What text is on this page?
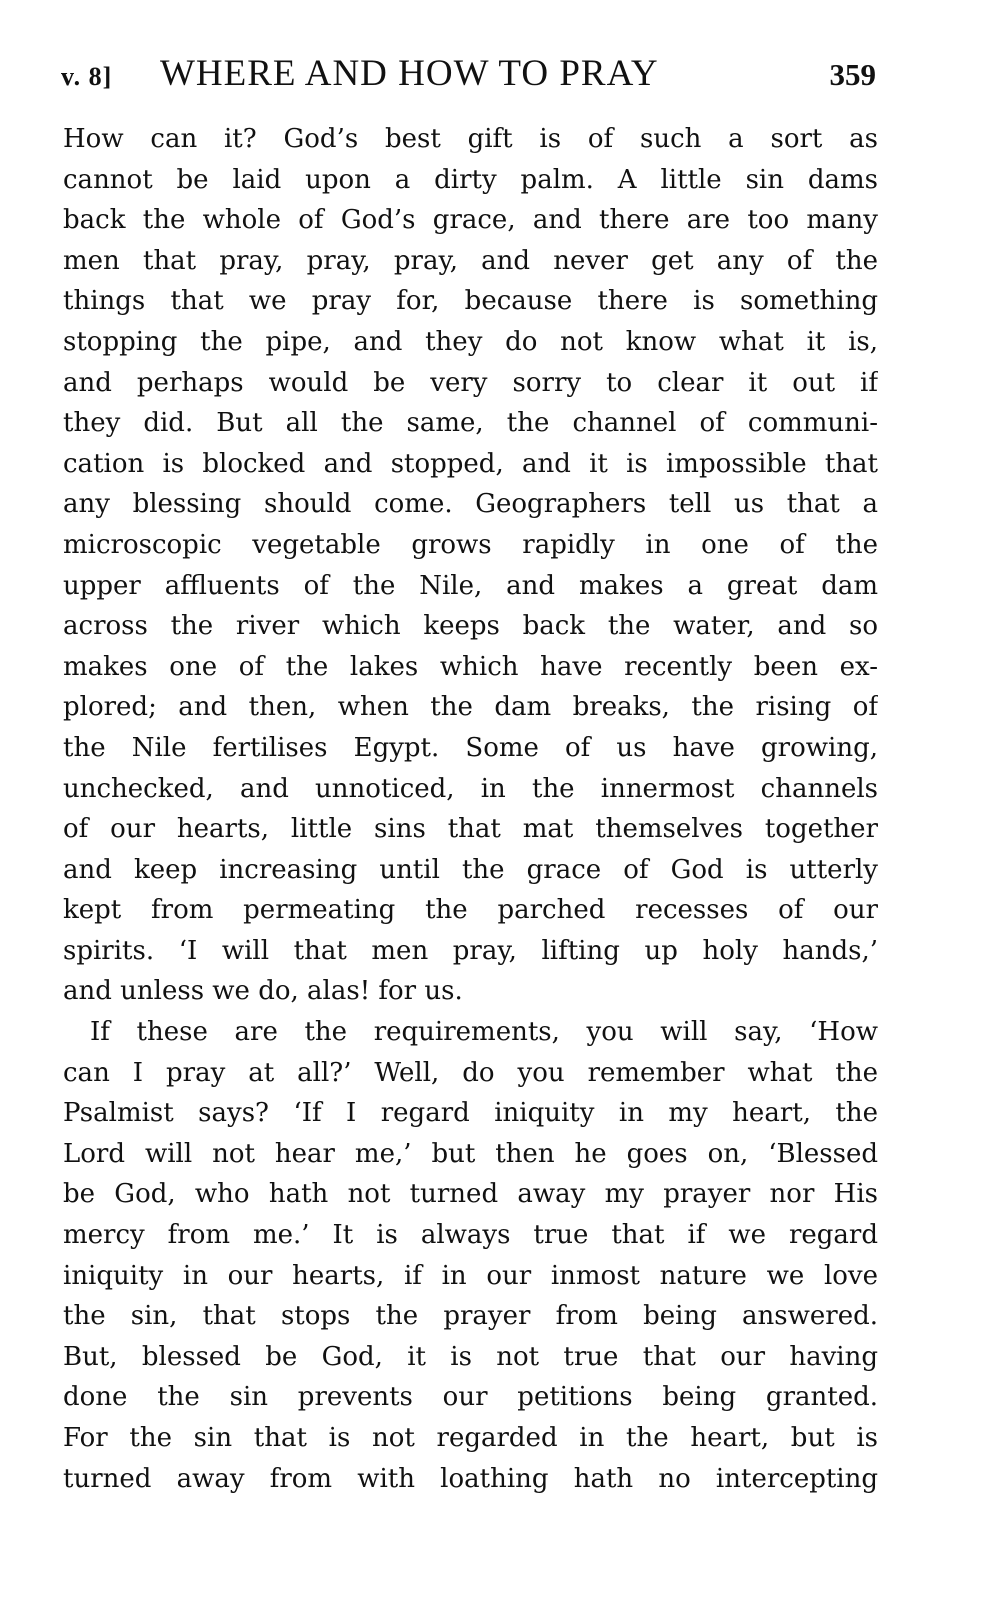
v. 8] WHERE AND HOW TO PRAY	359
How can it? God’s best gift is of such a sort as
cannot be laid upon a dirty palm. A little sin dams
back the whole of God’s grace, and there are too many
men that pray, pray, pray, and never get any of the
things that we pray for, because there is something
stopping the pipe, and they do not know what it is,
and perhaps would be very sorry to clear it out if
they did. But all the same, the channel of communi-
cation is blocked and stopped, and it is impossible that
any blessing should come. Geographers tell us that a
microscopic vegetable grows rapidly in one of the
upper affluents of the Nile, and makes a great dam
across the river which keeps back the water, and so
makes one of the lakes which have recently been ex-
plored; and then, when the dam breaks, the rising of
the Nile fertilises Egypt. Some of us have growing,
unchecked, and unnoticed, in the innermost channels
of our hearts, little sins that mat themselves together
and keep increasing until the grace of God is utterly
kept from permeating the parched recesses of our
spirits. ‘I will that men pray, lifting up holy hands,’
and unless we do, alas! for us.
If these are the requirements, you will say, ‘How
can I pray at all?’ Well, do you remember what the
Psalmist says? ‘If I regard iniquity in my heart, the
Lord will not hear me,’ but then he goes on, ‘Blessed
be God, who hath not turned away my prayer nor His
mercy from me.’ It is always true that if we regard
iniquity in our hearts, if in our inmost nature we love
the sin, that stops the prayer from being answered.
But, blessed be God, it is not true that our having
done the sin prevents our petitions being granted.
For the sin that is not regarded in the heart, but is
turned away from with loathing hath no intercepting
